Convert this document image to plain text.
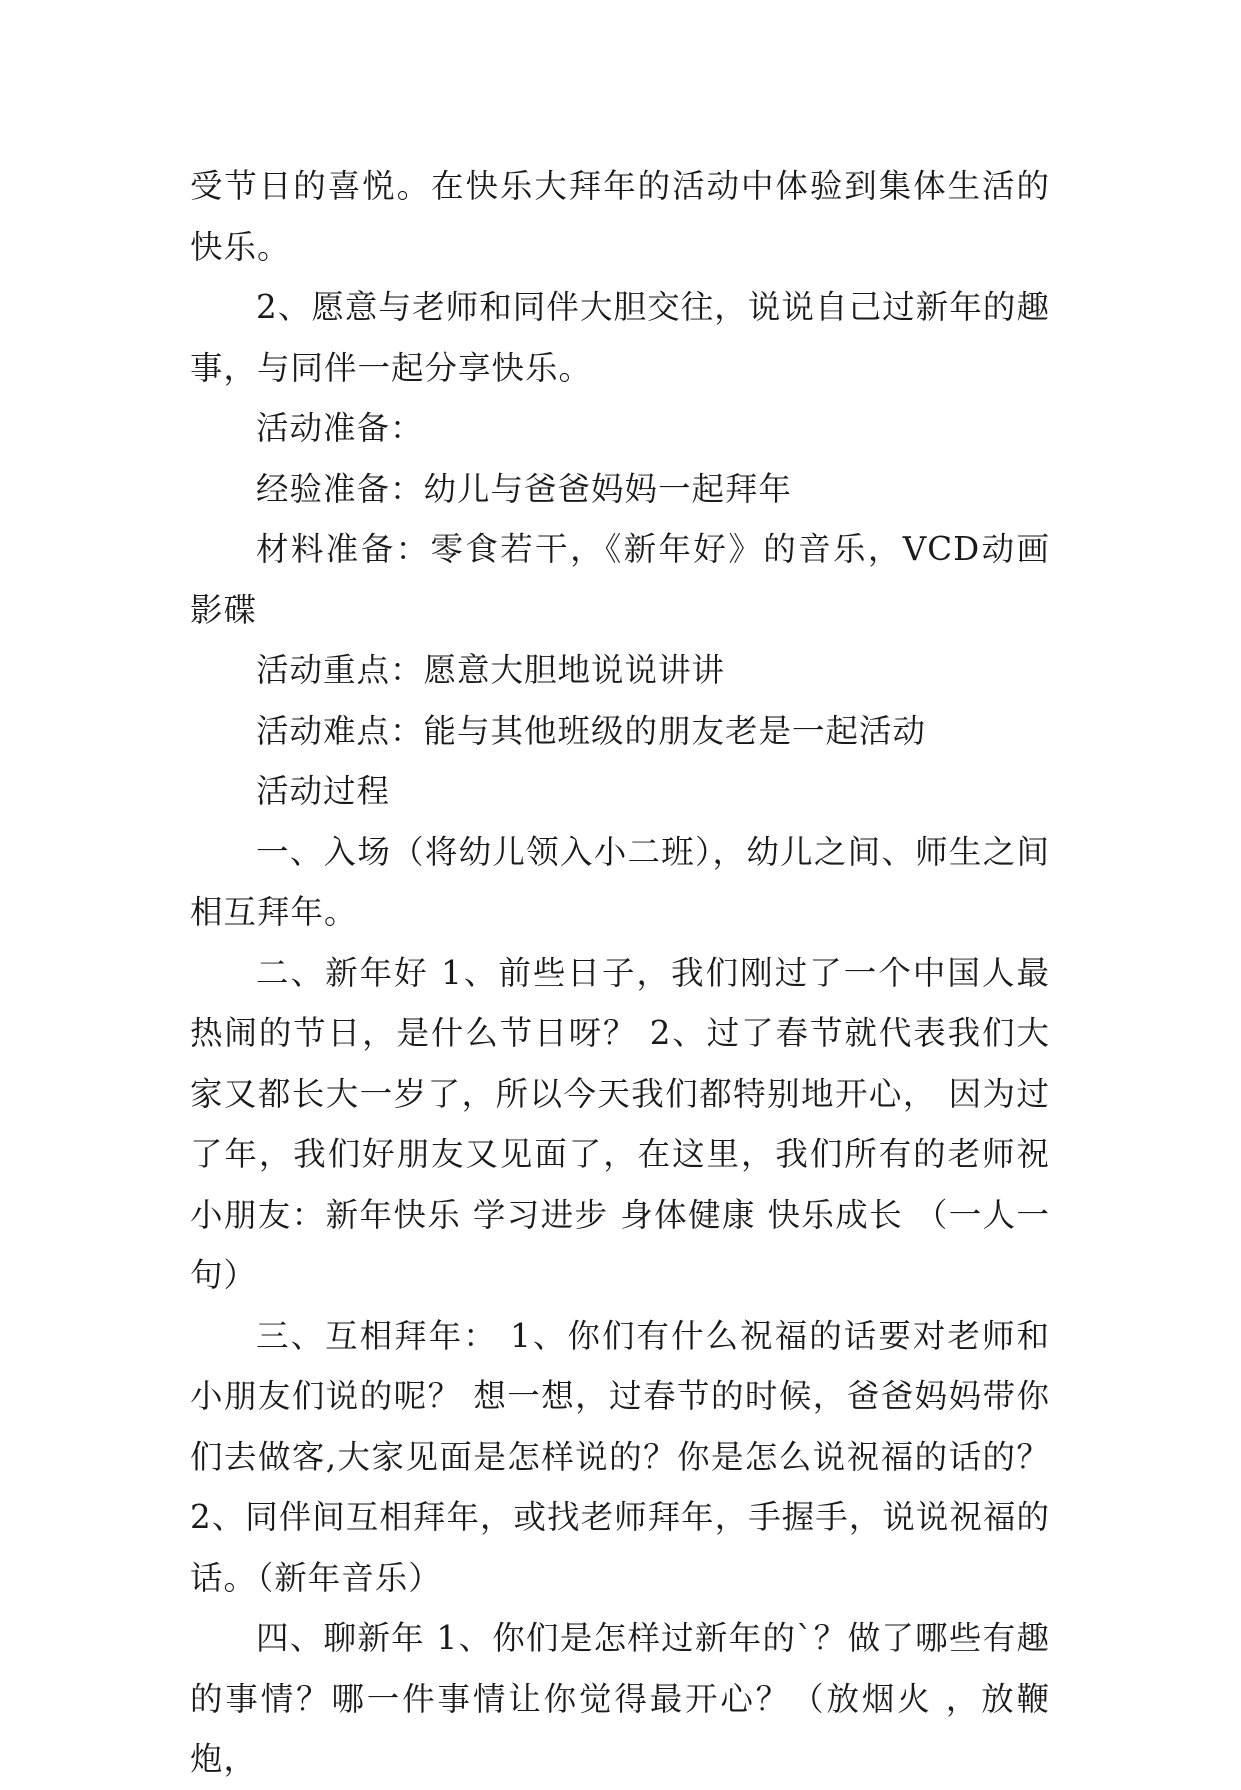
受节日的喜悦。在快乐大拜年的活动中体验到集体生活的快乐。

2、愿意与老师和同伴大胆交往，说说自己过新年的趣事，与同伴一起分享快乐。

活动准备：

经验准备：幼儿与爸爸妈妈一起拜年

材料准备：零食若干，《新年好》的音乐，VCD动画影碟

活动重点：愿意大胆地说说讲讲

活动难点：能与其他班级的朋友老是一起活动

活动过程

一、入场（将幼儿领入小二班），幼儿之间、师生之间相互拜年。

二、新年好 1、前些日子，我们刚过了一个中国人最热闹的节日，是什么节日呀？ 2、过了春节就代表我们大家又都长大一岁了，所以今天我们都特别地开心， 因为过了年，我们好朋友又见面了，在这里，我们所有的老师祝小朋友：新年快乐 学习进步 身体健康 快乐成长 （一人一句）

三、互相拜年： 1、你们有什么祝福的话要对老师和小朋友们说的呢？ 想一想，过春节的时候，爸爸妈妈带你们去做客,大家见面是怎样说的？你是怎么说祝福的话的？ 2、同伴间互相拜年，或找老师拜年，手握手，说说祝福的话。（新年音乐）

四、聊新年 1、你们是怎样过新年的`？做了哪些有趣的事情？哪一件事情让你觉得最开心？（放烟火 ，放鞭炮，
